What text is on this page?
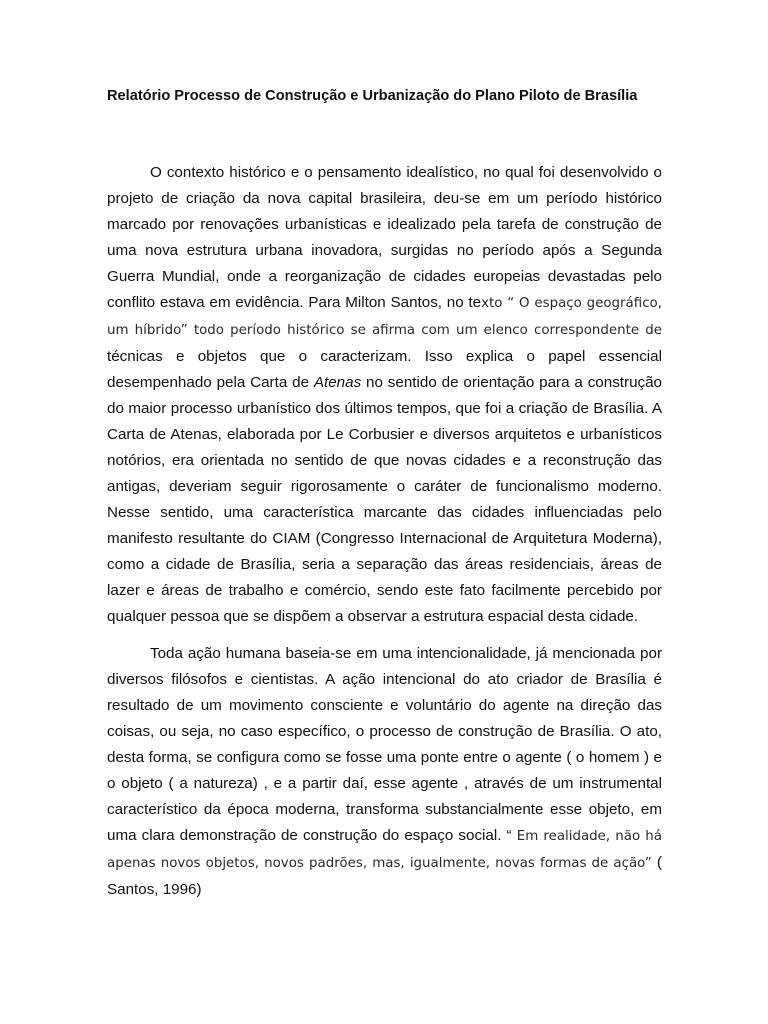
Relatório Processo de Construção e Urbanização do Plano Piloto de Brasília

O contexto histórico e o pensamento idealístico, no qual foi desenvolvido o projeto de criação da nova capital brasileira, deu-se em um período histórico marcado por renovações urbanísticas e idealizado pela tarefa de construção de uma nova estrutura urbana inovadora, surgidas no período após a Segunda Guerra Mundial, onde a reorganização de cidades europeias devastadas pelo conflito estava em evidência. Para Milton Santos, no texto “ O espaço geográfico, um híbrido” todo período histórico se afirma com um elenco correspondente de técnicas e objetos que o caracterizam. Isso explica o papel essencial desempenhado pela Carta de Atenas no sentido de orientação para a construção do maior processo urbanístico dos últimos tempos, que foi a criação de Brasília. A Carta de Atenas, elaborada por Le Corbusier e diversos arquitetos e urbanísticos notórios, era orientada no sentido de que novas cidades e a reconstrução das antigas, deveriam seguir rigorosamente o caráter de funcionalismo moderno. Nesse sentido, uma característica marcante das cidades influenciadas pelo manifesto resultante do CIAM (Congresso Internacional de Arquitetura Moderna), como a cidade de Brasília, seria a separação das áreas residenciais, áreas de lazer e áreas de trabalho e comércio, sendo este fato facilmente percebido por qualquer pessoa que se dispõem a observar a estrutura espacial desta cidade.

Toda ação humana baseia-se em uma intencionalidade, já mencionada por diversos filósofos e cientistas. A ação intencional do ato criador de Brasília é resultado de um movimento consciente e voluntário do agente na direção das coisas, ou seja, no caso específico, o processo de construção de Brasília. O ato, desta forma, se configura como se fosse uma ponte entre o agente ( o homem ) e o objeto ( a natureza) , e a partir daí, esse agente , através de um instrumental característico da época moderna, transforma substancialmente esse objeto, em uma clara demonstração de construção do espaço social. “ Em realidade, não há apenas novos objetos, novos padrões, mas, igualmente, novas formas de ação” ( Santos, 1996)
